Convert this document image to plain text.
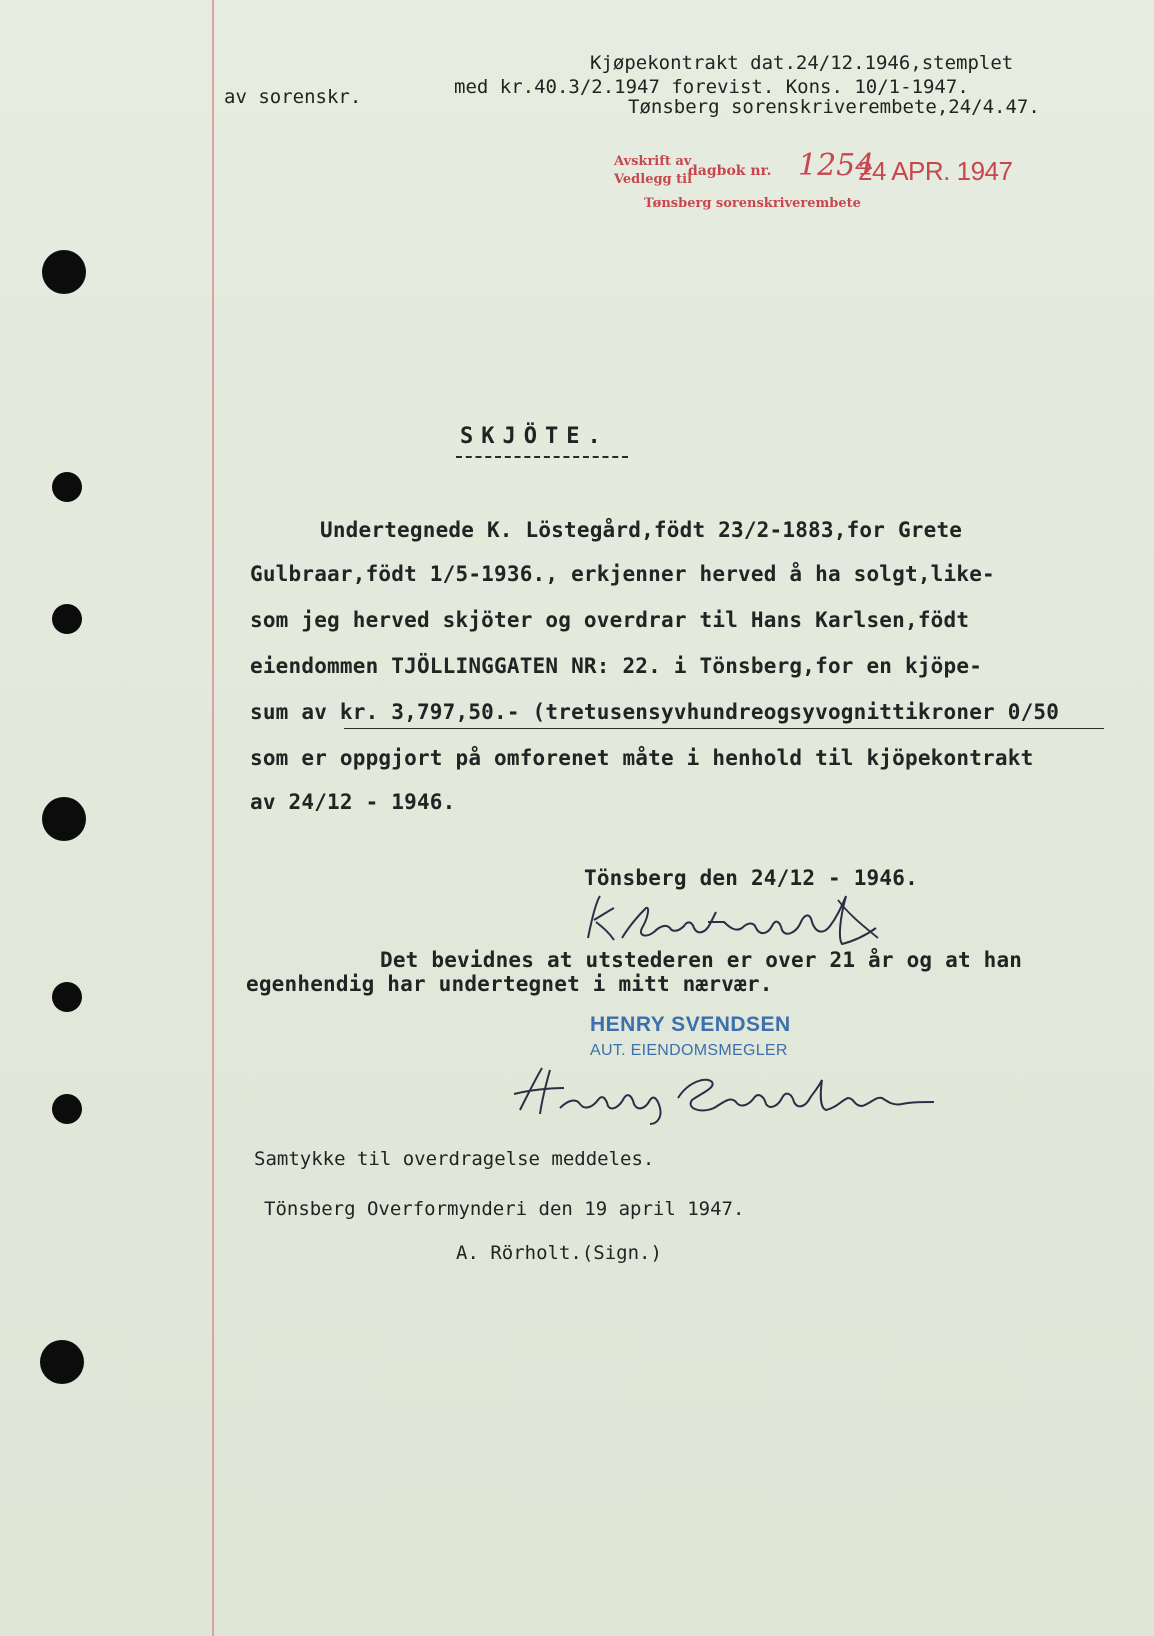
av sorenskr.
Kjøpekontrakt dat.24/12.1946,stemplet
med kr.40.3/2.1947 forevist. Kons. 10/1-1947.
Tønsberg sorenskriverembete,24/4.47.
Avskrift av
Vedlegg til
dagbok nr. 1254
24 APR. 1947
Tønsberg sorenskriverembete
SKJÖTE.
Undertegnede K. Löstegård,födt 23/2-1883,for Grete
Gulbraar,födt 1/5-1936., erkjenner herved å ha solgt,like-
som jeg herved skjöter og overdrar til Hans Karlsen,födt
eiendommen TJÖLLINGGATEN NR: 22. i Tönsberg,for en kjöpe-
sum av kr. 3,797,50.- (tretusensyvhundreogsyvognittikroner 0/50
som er oppgjort på omforenet måte i henhold til kjöpekontrakt
av 24/12 - 1946.
Tönsberg den 24/12 - 1946.
Det bevidnes at utstederen er over 21 år og at han
egenhendig har undertegnet i mitt nærvær.
HENRY SVENDSEN
AUT. EIENDOMSMEGLER
Samtykke til overdragelse meddeles.
Tönsberg Overformynderi den 19 april 1947.
A. Rörholt.(Sign.)
